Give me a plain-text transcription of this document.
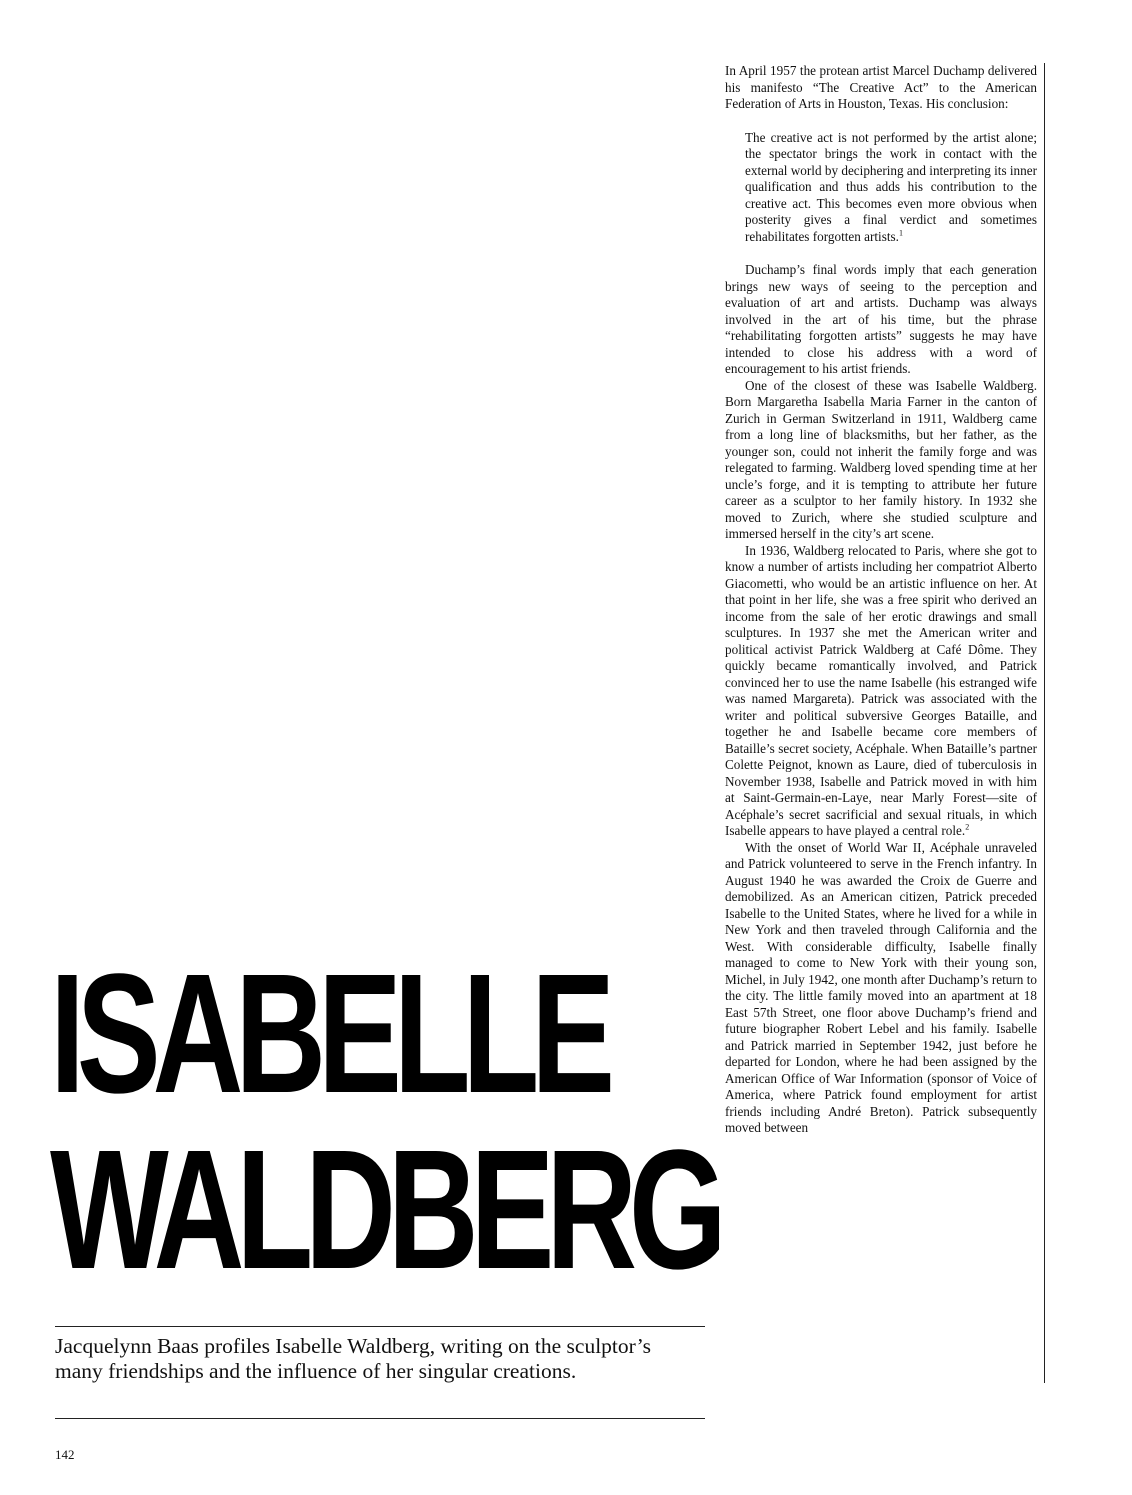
In April 1957 the protean artist Marcel Duchamp delivered his manifesto “The Creative Act” to the American Federation of Arts in Houston, Texas. His conclusion:

The creative act is not performed by the artist alone; the spectator brings the work in contact with the external world by deciphering and interpreting its inner qualification and thus adds his contribution to the creative act. This becomes even more obvious when posterity gives a final verdict and sometimes rehabilitates forgotten artists.$^1$

Duchamp’s final words imply that each generation brings new ways of seeing to the perception and evaluation of art and artists. Duchamp was always involved in the art of his time, but the phrase “rehabilitating forgotten artists” suggests he may have intended to close his address with a word of encouragement to his artist friends.

One of the closest of these was Isabelle Waldberg. Born Margaretha Isabella Maria Farner in the canton of Zurich in German Switzerland in 1911, Waldberg came from a long line of blacksmiths, but her father, as the younger son, could not inherit the family forge and was relegated to farming. Waldberg loved spending time at her uncle’s forge, and it is tempting to attribute her future career as a sculptor to her family history. In 1932 she moved to Zurich, where she studied sculpture and immersed herself in the city’s art scene.

In 1936, Waldberg relocated to Paris, where she got to know a number of artists including her compatriot Alberto Giacometti, who would be an artistic influence on her. At that point in her life, she was a free spirit who derived an income from the sale of her erotic drawings and small sculptures. In 1937 she met the American writer and political activist Patrick Waldberg at Café Dôme. They quickly became romantically involved, and Patrick convinced her to use the name Isabelle (his estranged wife was named Margareta). Patrick was associated with the writer and political subversive Georges Bataille, and together he and Isabelle became core members of Bataille’s secret society, Acéphale. When Bataille’s partner Colette Peignot, known as Laure, died of tuberculosis in November 1938, Isabelle and Patrick moved in with him at Saint-Germain-en-Laye, near Marly Forest—site of Acéphale’s secret sacrificial and sexual rituals, in which Isabelle appears to have played a central role.$^2$

With the onset of World War II, Acéphale unraveled and Patrick volunteered to serve in the French infantry. In August 1940 he was awarded the Croix de Guerre and demobilized. As an American citizen, Patrick preceded Isabelle to the United States, where he lived for a while in New York and then traveled through California and the West. With considerable difficulty, Isabelle finally managed to come to New York with their young son, Michel, in July 1942, one month after Duchamp’s return to the city. The little family moved into an apartment at 18 East 57th Street, one floor above Duchamp’s friend and future biographer Robert Lebel and his family. Isabelle and Patrick married in September 1942, just before he departed for London, where he had been assigned by the American Office of War Information (sponsor of Voice of America, where Patrick found employment for artist friends including André Breton). Patrick subsequently moved between

ISABELLE
WALDBERG

Jacquelynn Baas profiles Isabelle Waldberg, writing on the sculptor’s
many friendships and the influence of her singular creations.

142
